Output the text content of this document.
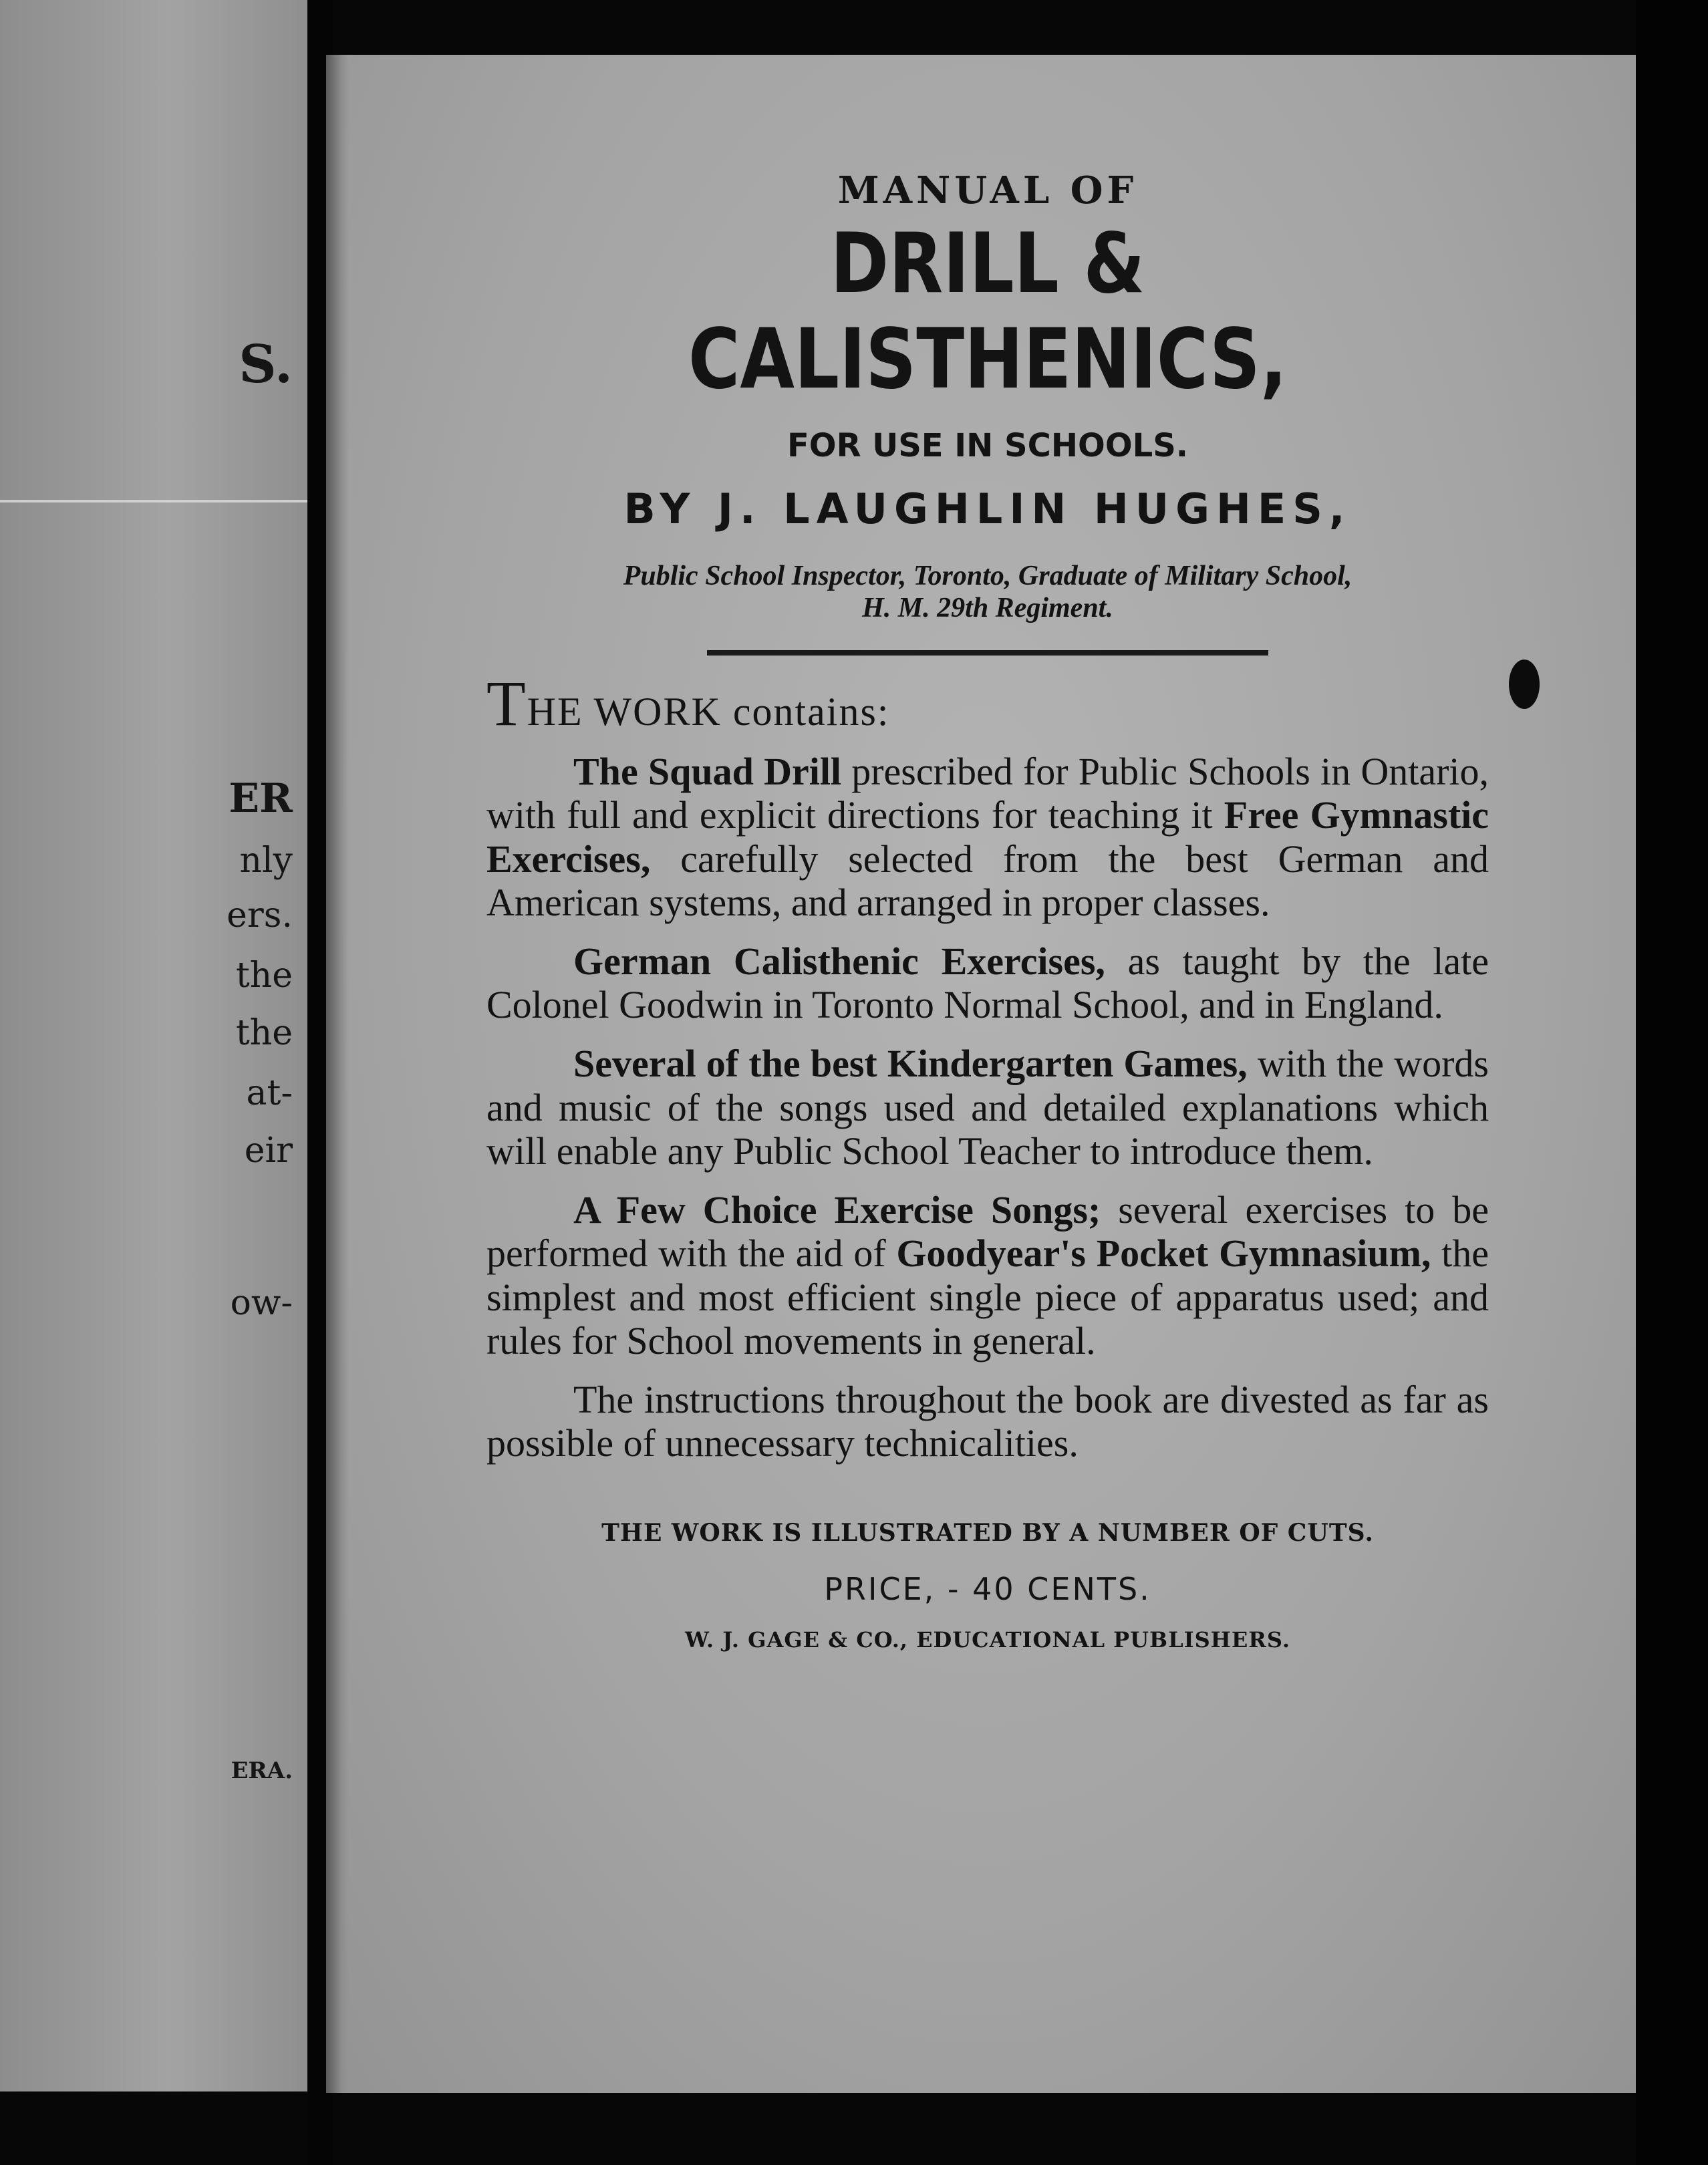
S.
ER
nly
ers.
the
the
at-
eir
ow-
ERA.
MANUAL OF
DRILL & CALISTHENICS,
FOR USE IN SCHOOLS.
BY J. LAUGHLIN HUGHES,
Public School Inspector, Toronto, Graduate of Military School,
H. M. 29th Regiment.
THE WORK contains:
The Squad Drill prescribed for Public Schools in Ontario, with full and explicit directions for teaching it Free Gymnastic Exercises, carefully selected from the best German and American systems, and arranged in proper classes.
German Calisthenic Exercises, as taught by the late Colonel Goodwin in Toronto Normal School, and in England.
Several of the best Kindergarten Games, with the words and music of the songs used and detailed explanations which will enable any Public School Teacher to introduce them.
A Few Choice Exercise Songs; several exercises to be performed with the aid of Goodyear's Pocket Gymnasium, the simplest and most efficient single piece of apparatus used; and rules for School movements in general.
The instructions throughout the book are divested as far as possible of unnecessary technicalities.
THE WORK IS ILLUSTRATED BY A NUMBER OF CUTS.
PRICE, - 40 CENTS.
W. J. GAGE & CO., EDUCATIONAL PUBLISHERS.
